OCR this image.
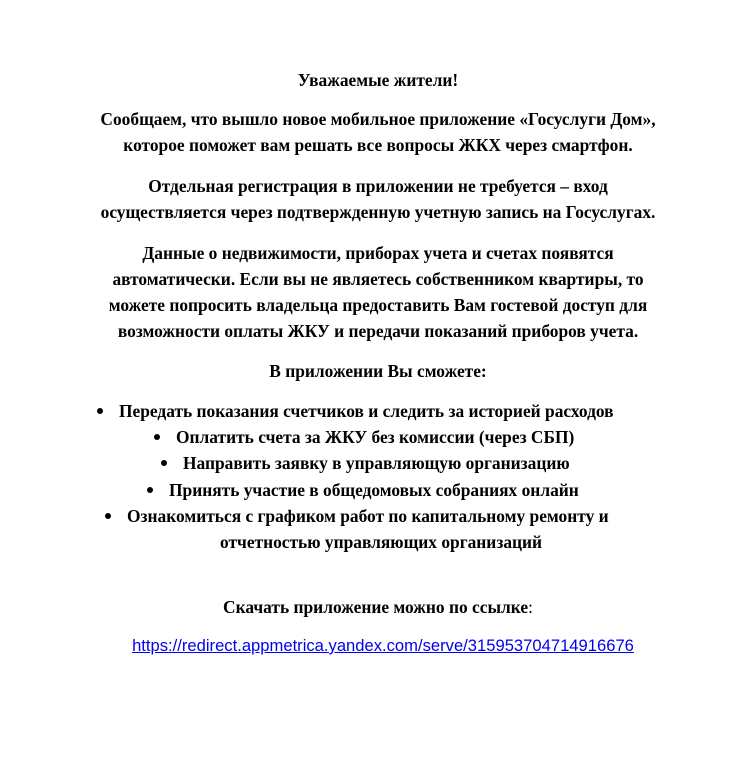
Уважаемые жители!
Сообщаем, что вышло новое мобильное приложение «Госуслуги Дом»,
которое поможет вам решать все вопросы ЖКХ через смартфон.
Отдельная регистрация в приложении не требуется – вход
осуществляется через подтвержденную учетную запись на Госуслугах.
Данные о недвижимости, приборах учета и счетах появятся
автоматически. Если вы не являетесь собственником квартиры, то
можете попросить владельца предоставить Вам гостевой доступ для
возможности оплаты ЖКУ и передачи показаний приборов учета.
В приложении Вы сможете:
Передать показания счетчиков и следить за историей расходов
Оплатить счета за ЖКУ без комиссии (через СБП)
Направить заявку в управляющую организацию
Принять участие в общедомовых собраниях онлайн
Ознакомиться с графиком работ по капитальному ремонту и
отчетностью управляющих организаций
Скачать приложение можно по ссылке:
https://redirect.appmetrica.yandex.com/serve/315953704714916676
